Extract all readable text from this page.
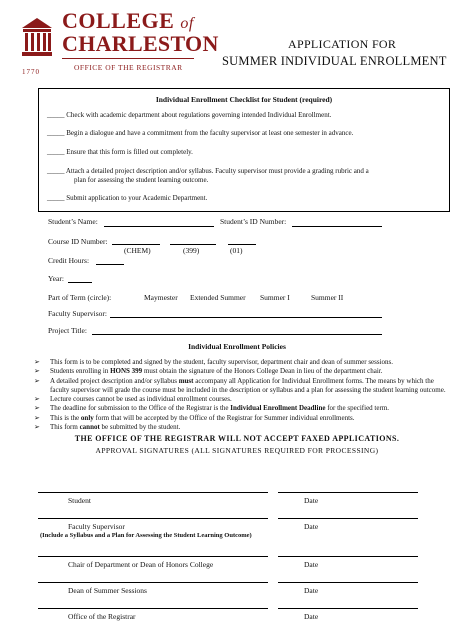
1770
COLLEGE of
CHARLESTON
OFFICE OF THE REGISTRAR
APPLICATION FOR
SUMMER INDIVIDUAL ENROLLMENT
Individual Enrollment Checklist for Student (required)
_____ Check with academic department about regulations governing intended Individual Enrollment.
_____ Begin a dialogue and have a commitment from the faculty supervisor at least one semester in advance.
_____ Ensure that this form is filled out completely.
_____ Attach a detailed project description and/or syllabus. Faculty supervisor must provide a grading rubric and a
plan for assessing the student learning outcome.
_____ Submit application to your Academic Department.
Student’s Name:	Student’s ID Number:
Course ID Number:
(CHEM)	(399)	(01)
Credit Hours:
Year:
Part of Term (circle):	Maymester Extended Summer Summer I	Summer II
Faculty Supervisor:
Project Title:
Individual Enrollment Policies
➢ This form is to be completed and signed by the student, faculty supervisor, department chair and dean of summer sessions.
➢ Students enrolling in HONS 399 must obtain the signature of the Honors College Dean in lieu of the department chair.
➢ A detailed project description and/or syllabus must accompany all Application for Individual Enrollment forms. The means by which the faculty supervisor will grade the course must be included in the description or syllabus and a plan for assessing the student learning outcome.
➢ Lecture courses cannot be used as individual enrollment courses.
➢ The deadline for submission to the Office of the Registrar is the Individual Enrollment Deadline for the specified term.
➢ This is the only form that will be accepted by the Office of the Registrar for Summer individual enrollments.
➢ This form cannot be submitted by the student.
THE OFFICE OF THE REGISTRAR WILL NOT ACCEPT FAXED APPLICATIONS.
APPROVAL SIGNATURES (ALL SIGNATURES REQUIRED FOR PROCESSING)
Student	Date
Faculty Supervisor	Date
(Include a Syllabus and a Plan for Assessing the Student Learning Outcome)
Chair of Department or Dean of Honors College	Date
Dean of Summer Sessions	Date
Office of the Registrar	Date
